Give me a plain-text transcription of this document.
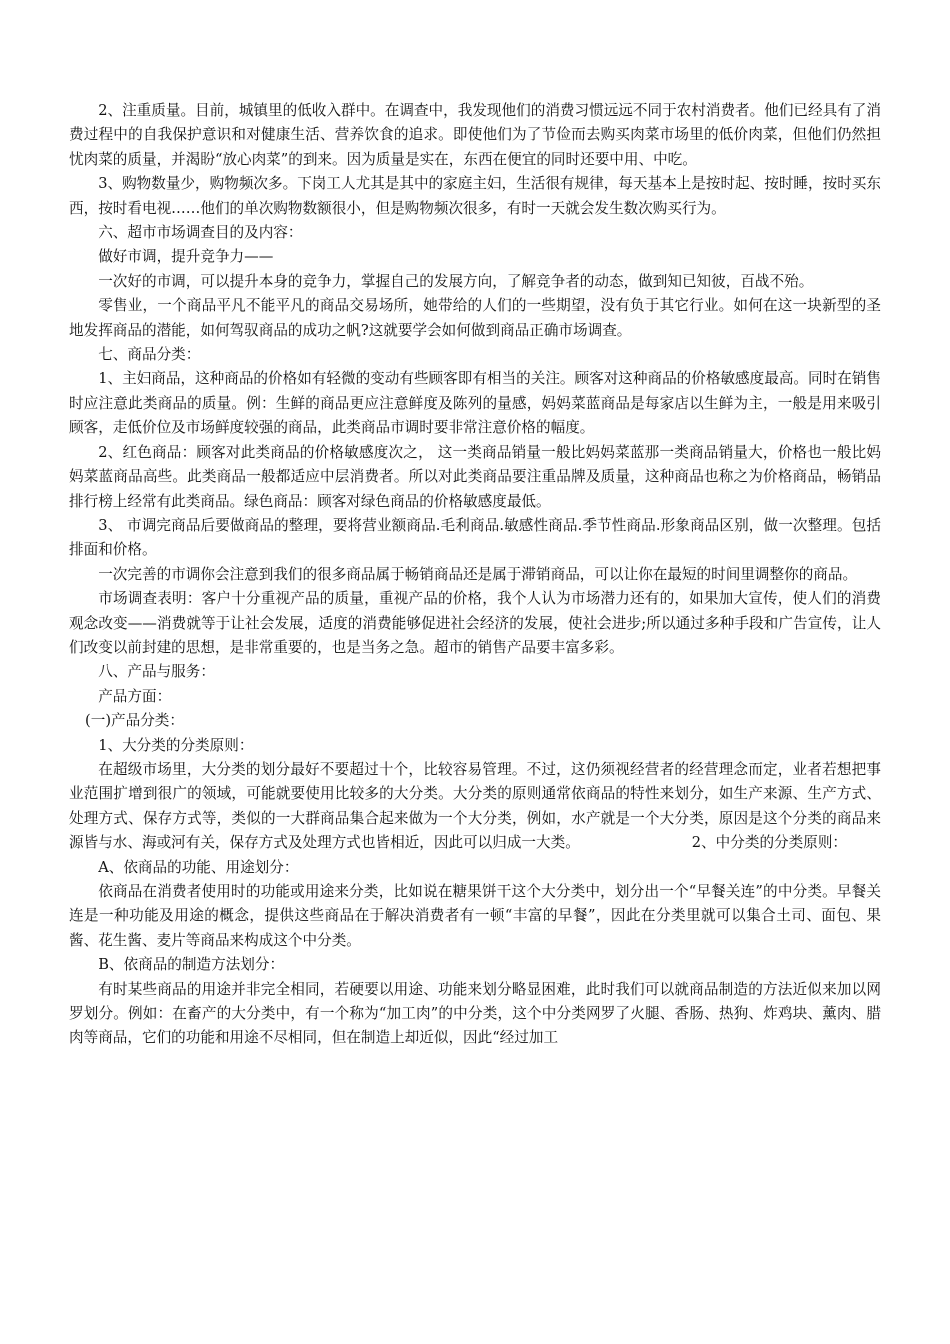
2、注重质量。目前，城镇里的低收入群中。在调查中，我发现他们的消费习惯远远不同于农村消费者。他们已经具有了消费过程中的自我保护意识和对健康生活、营养饮食的追求。即使他们为了节俭而去购买肉菜市场里的低价肉菜，但他们仍然担忧肉菜的质量，并渴盼“放心肉菜”的到来。因为质量是实在，东西在便宜的同时还要中用、中吃。

3、购物数量少，购物频次多。下岗工人尤其是其中的家庭主妇，生活很有规律，每天基本上是按时起、按时睡，按时买东西，按时看电视……他们的单次购物数额很小，但是购物频次很多，有时一天就会发生数次购买行为。

六、超市市场调查目的及内容：

做好市调，提升竞争力——

一次好的市调，可以提升本身的竞争力，掌握自己的发展方向，了解竞争者的动态，做到知已知彼，百战不殆。

零售业，一个商品平凡不能平凡的商品交易场所，她带给的人们的一些期望，没有负于其它行业。如何在这一块新型的圣地发挥商品的潜能，如何驾驭商品的成功之帆?这就要学会如何做到商品正确市场调查。

七、商品分类：

1、主妇商品，这种商品的价格如有轻微的变动有些顾客即有相当的关注。顾客对这种商品的价格敏感度最高。同时在销售时应注意此类商品的质量。例：生鲜的商品更应注意鲜度及陈列的量感，妈妈菜蓝商品是每家店以生鲜为主，一般是用来吸引顾客，走低价位及市场鲜度较强的商品，此类商品市调时要非常注意价格的幅度。

2、红色商品：顾客对此类商品的价格敏感度次之， 这一类商品销量一般比妈妈菜蓝那一类商品销量大，价格也一般比妈妈菜蓝商品高些。此类商品一般都适应中层消费者。所以对此类商品要注重品牌及质量，这种商品也称之为价格商品，畅销品排行榜上经常有此类商品。绿色商品：顾客对绿色商品的价格敏感度最低。

3、 市调完商品后要做商品的整理，要将营业额商品.毛利商品.敏感性商品.季节性商品.形象商品区别，做一次整理。包括排面和价格。

一次完善的市调你会注意到我们的很多商品属于畅销商品还是属于滞销商品，可以让你在最短的时间里调整你的商品。

市场调查表明：客户十分重视产品的质量，重视产品的价格，我个人认为市场潜力还有的，如果加大宣传，使人们的消费观念改变——消费就等于让社会发展，适度的消费能够促进社会经济的发展，使社会进步;所以通过多种手段和广告宣传，让人们改变以前封建的思想，是非常重要的，也是当务之急。超市的销售产品要丰富多彩。

八、产品与服务：

产品方面：

(一)产品分类：

1、大分类的分类原则：

在超级市场里，大分类的划分最好不要超过十个，比较容易管理。不过，这仍须视经营者的经营理念而定，业者若想把事业范围扩增到很广的领域，可能就要使用比较多的大分类。大分类的原则通常依商品的特性来划分，如生产来源、生产方式、处理方式、保存方式等，类似的一大群商品集合起来做为一个大分类，例如，水产就是一个大分类，原因是这个分类的商品来源皆与水、海或河有关，保存方式及处理方式也皆相近，因此可以归成一大类。	2、中分类的分类原则：

A、依商品的功能、用途划分：

依商品在消费者使用时的功能或用途来分类，比如说在糖果饼干这个大分类中，划分出一个“早餐关连”的中分类。早餐关连是一种功能及用途的概念，提供这些商品在于解决消费者有一顿“丰富的早餐”，因此在分类里就可以集合土司、面包、果酱、花生酱、麦片等商品来构成这个中分类。

B、依商品的制造方法划分：

有时某些商品的用途并非完全相同，若硬要以用途、功能来划分略显困难，此时我们可以就商品制造的方法近似来加以网罗划分。例如：在畜产的大分类中，有一个称为“加工肉”的中分类，这个中分类网罗了火腿、香肠、热狗、炸鸡块、薰肉、腊肉等商品，它们的功能和用途不尽相同，但在制造上却近似，因此“经过加工
